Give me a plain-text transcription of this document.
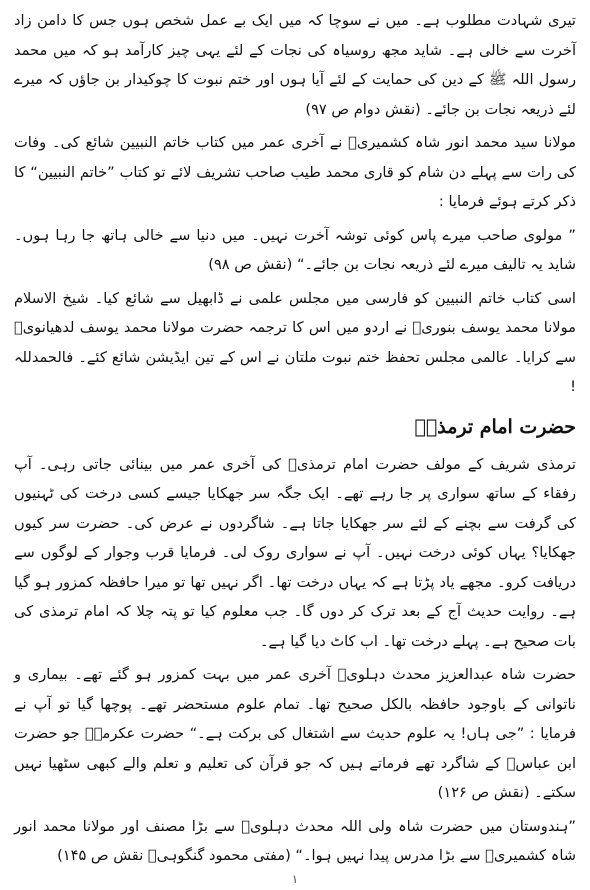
تیری شہادت مطلوب ہے۔ میں نے سوچا کہ میں ایک بے عمل شخص ہوں جس کا دامن زاد آخرت سے خالی ہے۔ شاید مجھ روسیاہ کی نجات کے لئے یہی چیز کارآمد ہو کہ میں محمد رسول اللہ ﷺ کے دین کی حمایت کے لئے آیا ہوں اور ختم نبوت کا چوکیدار بن جاؤں کہ میرے لئے ذریعہ نجات بن جائے۔ (نقش دوام ص ۹۷)

مولانا سید محمد انور شاہ کشمیریؒ نے آخری عمر میں کتاب خاتم النبیین شائع کی۔ وفات کی رات سے پہلے دن شام کو قاری محمد طیب صاحب تشریف لائے تو کتاب ”خاتم النبیین“ کا ذکر کرتے ہوئے فرمایا :

” مولوی صاحب میرے پاس کوئی توشہ آخرت نہیں۔ میں دنیا سے خالی ہاتھ جا رہا ہوں۔ شاید یہ تالیف میرے لئے ذریعہ نجات بن جائے۔“ (نقش ص ۹۸)

اسی کتاب خاتم النبیین کو فارسی میں مجلس علمی نے ڈابھیل سے شائع کیا۔ شیخ الاسلام مولانا محمد یوسف بنوریؒ نے اردو میں اس کا ترجمہ حضرت مولانا محمد یوسف لدھیانویؒ سے کرایا۔ عالمی مجلس تحفظ ختم نبوت ملتان نے اس کے تین ایڈیشن شائع کئے۔ فالحمدللہ !

حضرت امام ترمذیؒ

ترمذی شریف کے مولف حضرت امام ترمذیؒ کی آخری عمر میں بینائی جاتی رہی۔ آپ رفقاء کے ساتھ سواری پر جا رہے تھے۔ ایک جگہ سر جھکایا جیسے کسی درخت کی ٹہنیوں کی گرفت سے بچنے کے لئے سر جھکایا جاتا ہے۔ شاگردوں نے عرض کی۔ حضرت سر کیوں جھکایا؟ یہاں کوئی درخت نہیں۔ آپ نے سواری روک لی۔ فرمایا قرب وجوار کے لوگوں سے دریافت کرو۔ مجھے یاد پڑتا ہے کہ یہاں درخت تھا۔ اگر نہیں تھا تو میرا حافظہ کمزور ہو گیا ہے۔ روایت حدیث آج کے بعد ترک کر دوں گا۔ جب معلوم کیا تو پتہ چلا کہ امام ترمذی کی بات صحیح ہے۔ پہلے درخت تھا۔ اب کاٹ دیا گیا ہے۔

حضرت شاہ عبدالعزیز محدث دہلویؒ آخری عمر میں بہت کمزور ہو گئے تھے۔ بیماری و ناتوانی کے باوجود حافظہ بالکل صحیح تھا۔ تمام علوم مستحضر تھے۔ پوچھا گیا تو آپ نے فرمایا : ”جی ہاں! یہ علوم حدیث سے اشتغال کی برکت ہے۔“ حضرت عکرمہؒ جو حضرت ابن عباسؓ کے شاگرد تھے فرماتے ہیں کہ جو قرآن کی تعلیم و تعلم والے کبھی سٹھیا نہیں سکتے۔ (نقش ص ۱۲۶)

”ہندوستان میں حضرت شاہ ولی اللہ محدث دہلویؒ سے بڑا مصنف اور مولانا محمد انور شاہ کشمیریؒ سے بڑا مدرس پیدا نہیں ہوا۔“ (مفتی محمود گنگوہیؒ نقش ص ۱۴۵)

۱
